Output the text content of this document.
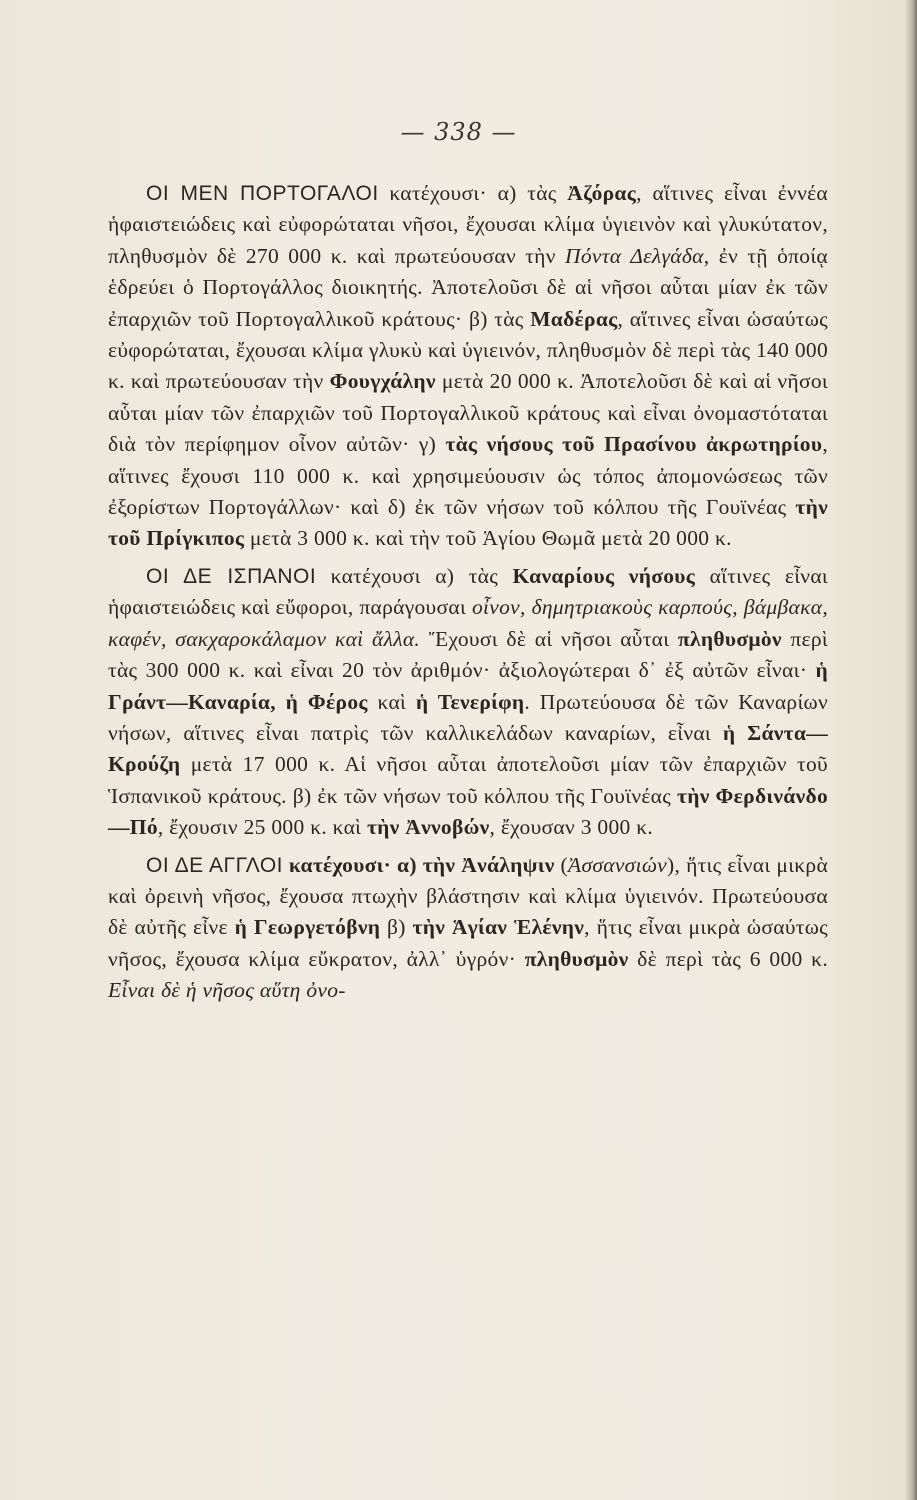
— 338 —

ΟΙ ΜΕΝ ΠΟΡΤΟΓΑΛΟΙ κατέχουσι· α) τὰς Ἀζόρας, αἵτινες εἶναι ἐννέα ἡφαιστειώδεις καὶ εὐφορώταται νῆσοι, ἔχουσαι κλίμα ὑγιεινὸν καὶ γλυκύτατον, πληθυσμὸν δὲ 270 000 κ. καὶ πρωτεύουσαν τὴν Πόντα Δελγάδα, ἐν τῇ ὁποίᾳ ἑδρεύει ὁ Πορτογάλλος διοικητής. Ἀποτελοῦσι δὲ αἱ νῆσοι αὗται μίαν ἐκ τῶν ἐπαρχιῶν τοῦ Πορτογαλλικοῦ κράτους· β) τὰς Μαδέρας, αἵτινες εἶναι ὡσαύτως εὐφορώταται, ἔχουσαι κλίμα γλυκὺ καὶ ὑγιεινόν, πληθυσμὸν δὲ περὶ τὰς 140 000 κ. καὶ πρωτεύουσαν τὴν Φουγχάλην μετὰ 20 000 κ. Ἀποτελοῦσι δὲ καὶ αἱ νῆσοι αὗται μίαν τῶν ἐπαρχιῶν τοῦ Πορτογαλλικοῦ κράτους καὶ εἶναι ὀνομαστόταται διὰ τὸν περίφημον οἶνον αὐτῶν· γ) τὰς νήσους τοῦ Πρασίνου ἀκρωτηρίου, αἵτινες ἔχουσι 110 000 κ. καὶ χρησιμεύουσιν ὡς τόπος ἀπομονώσεως τῶν ἐξορίστων Πορτογάλλων· καὶ δ) ἐκ τῶν νήσων τοῦ κόλπου τῆς Γουϊνέας τὴν τοῦ Πρίγκιπος μετὰ 3 000 κ. καὶ τὴν τοῦ Ἁγίου Θωμᾶ μετὰ 20 000 κ.

ΟΙ ΔΕ ΙΣΠΑΝΟΙ κατέχουσι α) τὰς Καναρίους νήσους αἵτινες εἶναι ἡφαιστειώδεις καὶ εὔφοροι, παράγουσαι οἶνον, δημητριακοὺς καρπούς, βάμβακα, καφέν, σακχαροκάλαμον καὶ ἄλλα. Ἔχουσι δὲ αἱ νῆσοι αὗται πληθυσμὸν περὶ τὰς 300 000 κ. καὶ εἶναι 20 τὸν ἀριθμόν· ἀξιολογώτεραι δ᾽ ἐξ αὐτῶν εἶναι· ἡ Γράντ—Καναρία, ἡ Φέρος καὶ ἡ Τενερίφη. Πρωτεύουσα δὲ τῶν Καναρίων νήσων, αἵτινες εἶναι πατρὶς τῶν καλλικελάδων καναρίων, εἶναι ἡ Σάντα—Κρούζη μετὰ 17 000 κ. Αἱ νῆσοι αὗται ἀποτελοῦσι μίαν τῶν ἐπαρχιῶν τοῦ Ἱσπανικοῦ κράτους. β) ἐκ τῶν νήσων τοῦ κόλπου τῆς Γουϊνέας τὴν Φερδινάνδο—Πό, ἔχουσιν 25 000 κ. καὶ τὴν Ἀννοβών, ἔχουσαν 3 000 κ.

ΟΙ ΔΕ ΑΓΓΛΟΙ κατέχουσι· α) τὴν Ἀνάληψιν (Ἀσσανσιών), ἥτις εἶναι μικρὰ καὶ ὀρεινὴ νῆσος, ἔχουσα πτωχὴν βλάστησιν καὶ κλίμα ὑγιεινόν. Πρωτεύουσα δὲ αὐτῆς εἶνε ἡ Γεωργετόβνη β) τὴν Ἁγίαν Ἑλένην, ἥτις εἶναι μικρὰ ὡσαύτως νῆσος, ἔχουσα κλίμα εὔκρατον, ἀλλ᾽ ὑγρόν· πληθυσμὸν δὲ περὶ τὰς 6 000 κ. Εἶναι δὲ ἡ νῆσος αὕτη ὀνο-
